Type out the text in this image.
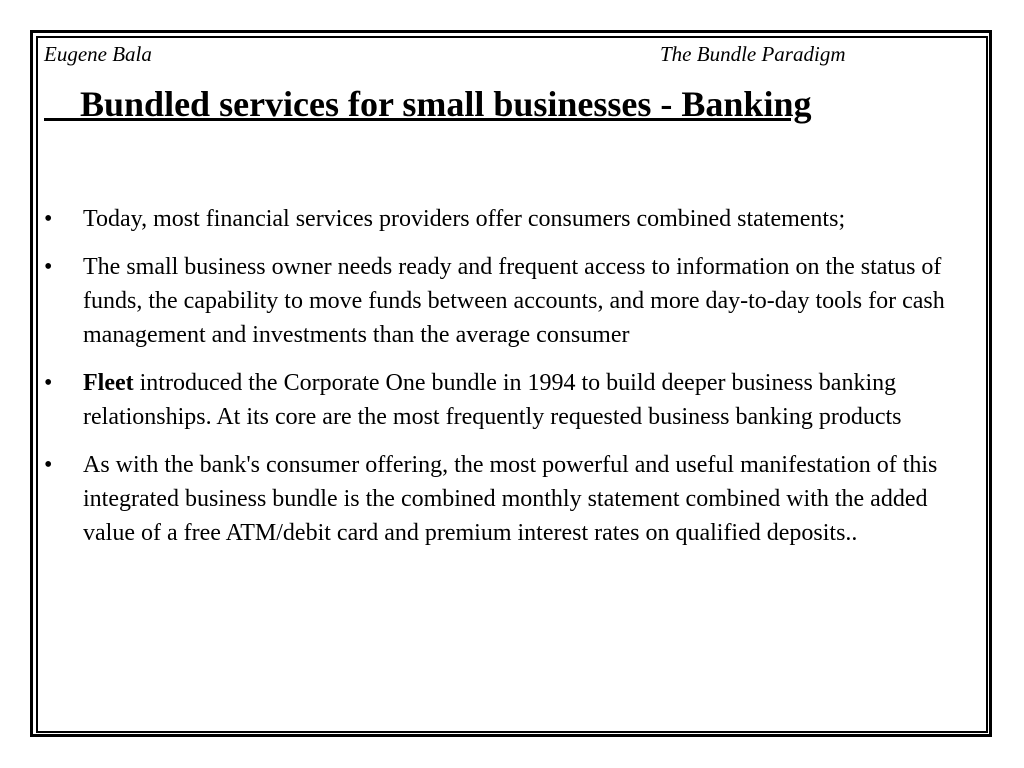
Eugene Bala	The Bundle Paradigm
Bundled services for small businesses - Banking
• Today, most financial services providers offer consumers combined statements;
• The small business owner needs ready and frequent access to information on the status of funds, the capability to move funds between accounts, and more day-to-day tools for cash management and investments than the average consumer
• Fleet introduced the Corporate One bundle in 1994 to build deeper business banking relationships. At its core are the most frequently requested business banking products
• As with the bank's consumer offering, the most powerful and useful manifestation of this integrated business bundle is the combined monthly statement combined with the added value of a free ATM/debit card and premium interest rates on qualified deposits..
